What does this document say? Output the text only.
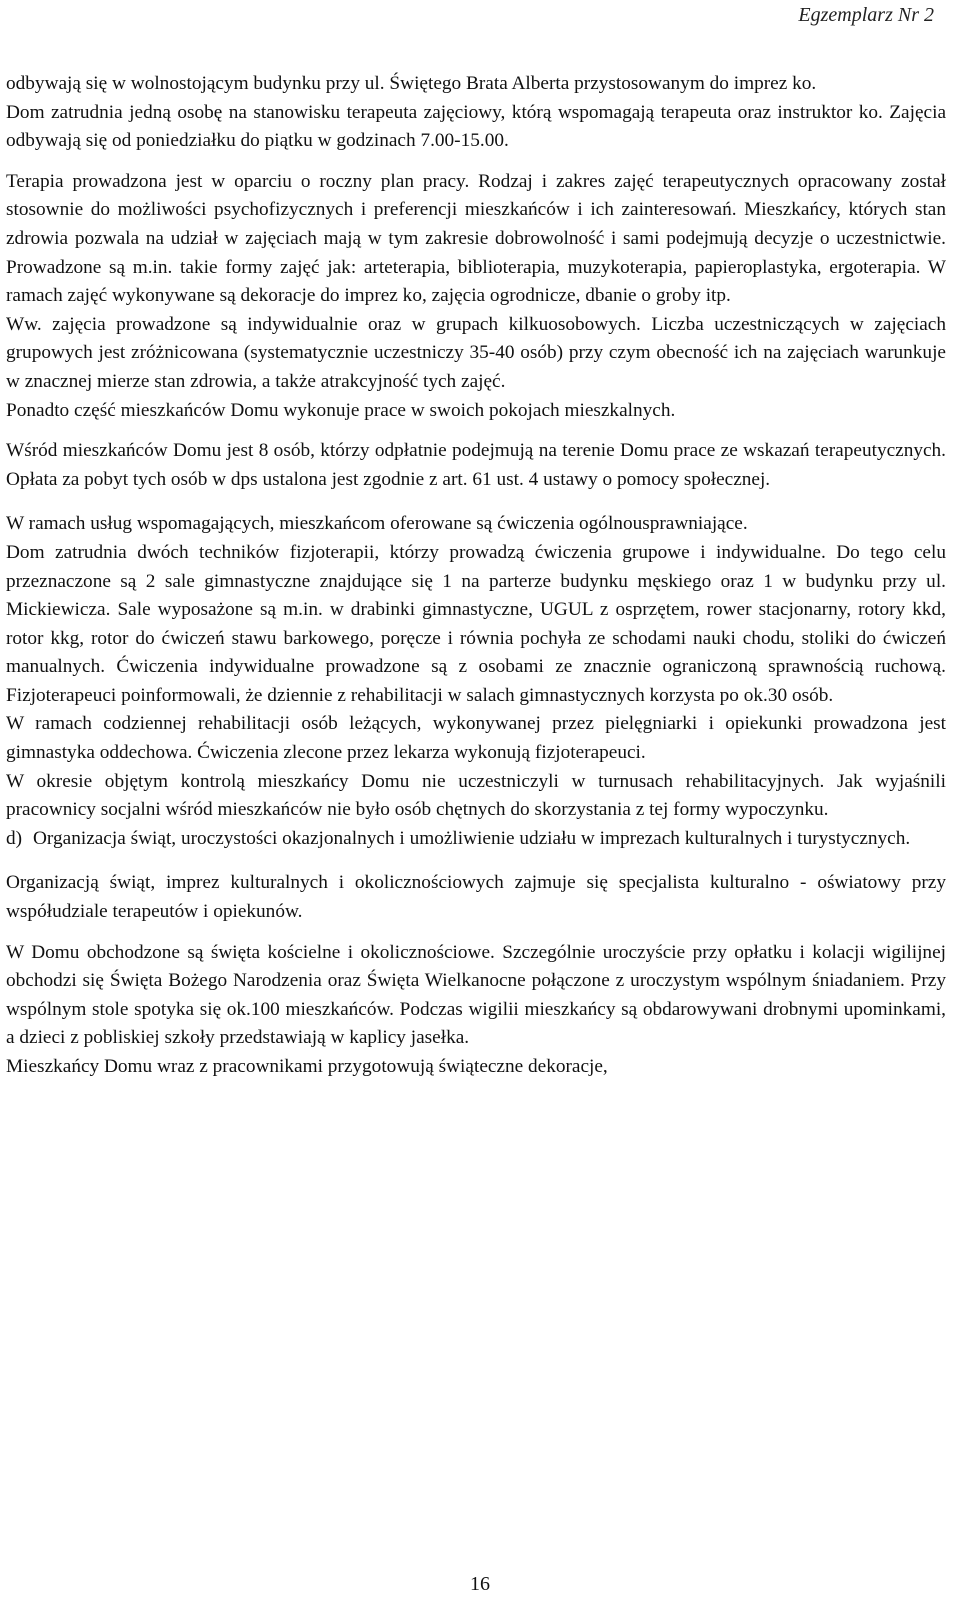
Egzemplarz Nr 2

odbywają się w wolnostojącym budynku przy ul. Świętego Brata Alberta przystosowanym do imprez ko.

Dom zatrudnia jedną osobę na stanowisku terapeuta zajęciowy, którą wspomagają terapeuta oraz instruktor ko. Zajęcia odbywają się od poniedziałku do piątku w godzinach 7.00-15.00.

Terapia prowadzona jest w oparciu o roczny plan pracy. Rodzaj i zakres zajęć terapeutycznych opracowany został stosownie do możliwości psychofizycznych i preferencji mieszkańców i ich zainteresowań. Mieszkańcy, których stan zdrowia pozwala na udział w zajęciach mają w tym zakresie dobrowolność i sami podejmują decyzje o uczestnictwie. Prowadzone są m.in. takie formy zajęć jak: arteterapia, biblioterapia, muzykoterapia, papieroplastyka, ergoterapia. W ramach zajęć wykonywane są dekoracje do imprez ko, zajęcia ogrodnicze, dbanie o groby itp.

Ww. zajęcia prowadzone są indywidualnie oraz w grupach kilkuosobowych. Liczba uczestniczących w zajęciach grupowych jest zróżnicowana (systematycznie uczestniczy 35-40 osób) przy czym obecność ich na zajęciach warunkuje w znacznej mierze stan zdrowia, a także atrakcyjność tych zajęć.

Ponadto część mieszkańców Domu wykonuje prace w swoich pokojach mieszkalnych.

Wśród mieszkańców Domu jest 8 osób, którzy odpłatnie podejmują na terenie Domu prace ze wskazań terapeutycznych. Opłata za pobyt tych osób w dps ustalona jest zgodnie z art. 61 ust. 4 ustawy o pomocy społecznej.

W ramach usług wspomagających, mieszkańcom oferowane są ćwiczenia ogólnousprawniające.

Dom zatrudnia dwóch techników fizjoterapii, którzy prowadzą ćwiczenia grupowe i indywidualne. Do tego celu przeznaczone są 2 sale gimnastyczne znajdujące się 1 na parterze budynku męskiego oraz 1 w budynku przy ul. Mickiewicza. Sale wyposażone są m.in. w drabinki gimnastyczne, UGUL z osprzętem, rower stacjonarny, rotory kkd, rotor kkg, rotor do ćwiczeń stawu barkowego, poręcze i równia pochyła ze schodami nauki chodu, stoliki do ćwiczeń manualnych. Ćwiczenia indywidualne prowadzone są z osobami ze znacznie ograniczoną sprawnością ruchową. Fizjoterapeuci poinformowali, że dziennie z rehabilitacji w salach gimnastycznych korzysta po ok.30 osób.

W ramach codziennej rehabilitacji osób leżących, wykonywanej przez pielęgniarki i opiekunki prowadzona jest gimnastyka oddechowa. Ćwiczenia zlecone przez lekarza wykonują fizjoterapeuci.

W okresie objętym kontrolą mieszkańcy Domu nie uczestniczyli w turnusach rehabilitacyjnych. Jak wyjaśnili pracownicy socjalni wśród mieszkańców nie było osób chętnych do skorzystania z tej formy wypoczynku.

d) Organizacja świąt, uroczystości okazjonalnych i umożliwienie udziału w imprezach kulturalnych i turystycznych.

Organizacją świąt, imprez kulturalnych i okolicznościowych zajmuje się specjalista kulturalno - oświatowy przy współudziale terapeutów i opiekunów.

W Domu obchodzone są święta kościelne i okolicznościowe. Szczególnie uroczyście przy opłatku i kolacji wigilijnej obchodzi się Święta Bożego Narodzenia oraz Święta Wielkanocne połączone z uroczystym wspólnym śniadaniem. Przy wspólnym stole spotyka się ok.100 mieszkańców. Podczas wigilii mieszkańcy są obdarowywani drobnymi upominkami, a dzieci z pobliskiej szkoły przedstawiają w kaplicy jasełka.

Mieszkańcy Domu wraz z pracownikami przygotowują świąteczne dekoracje,

16
